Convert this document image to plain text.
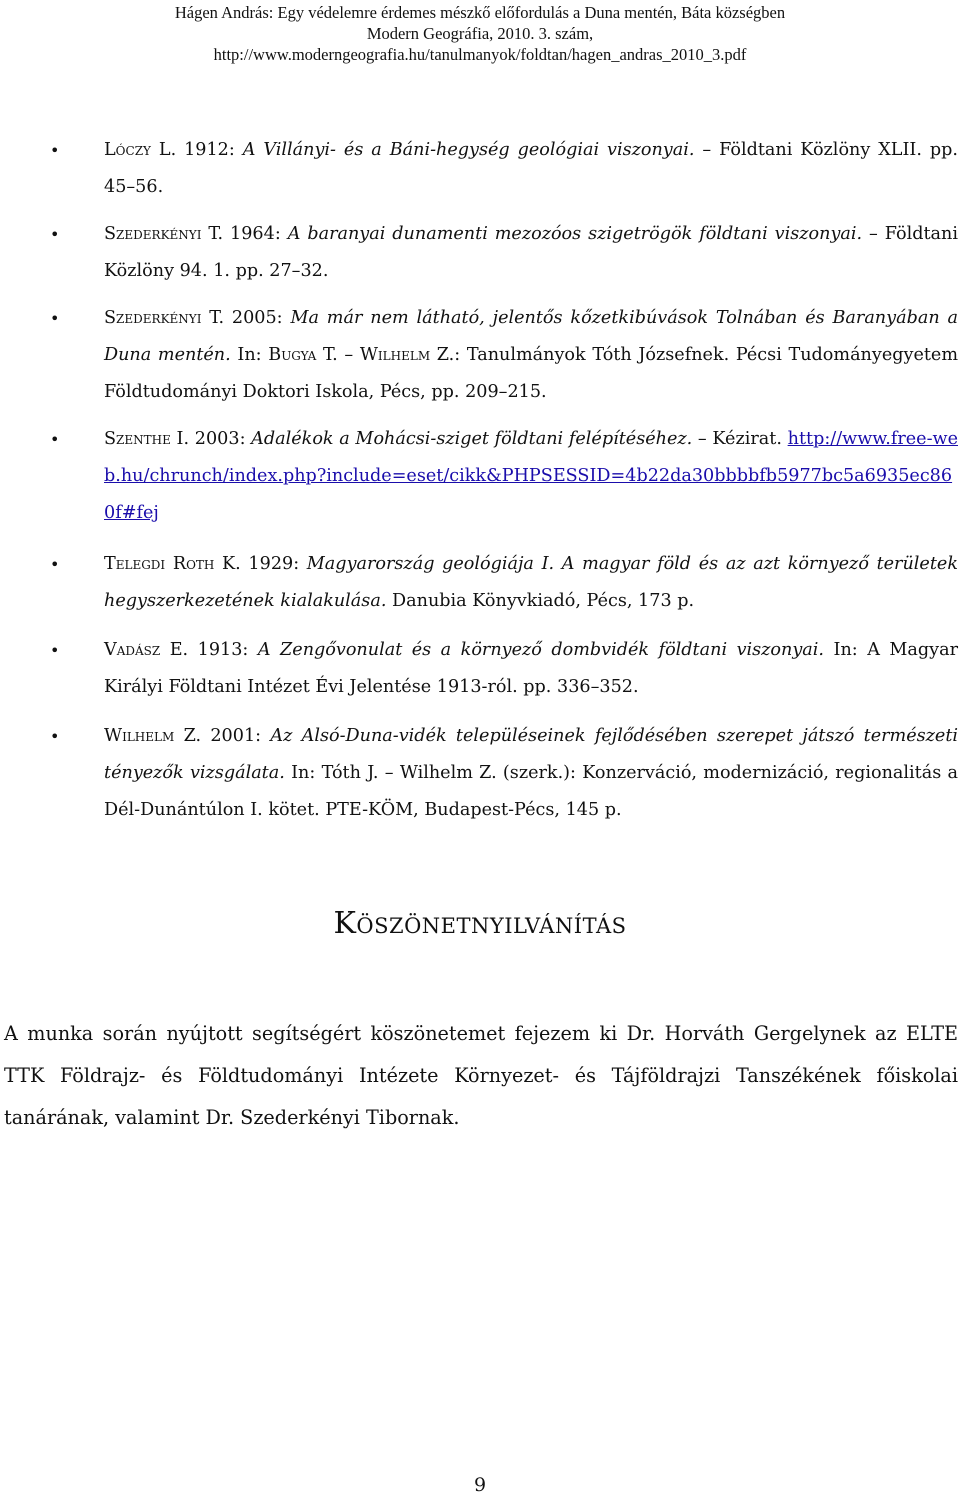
Hágen András: Egy védelemre érdemes mészkő előfordulás a Duna mentén, Báta községben
Modern Geográfia, 2010. 3. szám,
http://www.moderngeografia.hu/tanulmanyok/foldtan/hagen_andras_2010_3.pdf
•	Lóczy L. 1912: A Villányi- és a Báni-hegység geológiai viszonyai. – Földtani Közlöny XLII. pp. 45–56.
•	Szederkényi T. 1964: A baranyai dunamenti mezozóos szigetrögök földtani viszonyai. – Földtani Közlöny 94. 1. pp. 27–32.
•	Szederkényi T. 2005: Ma már nem látható, jelentős kőzetkibúvások Tolnában és Baranyában a Duna mentén. In: Bugya T. – Wilhelm Z.: Tanulmányok Tóth Józsefnek. Pécsi Tudományegyetem Földtudományi Doktori Iskola, Pécs, pp. 209–215.
•	Szenthe I. 2003: Adalékok a Mohácsi-sziget földtani felépítéséhez. – Kézirat. http://www.free-web.hu/chrunch/index.php?include=eset/cikk&PHPSESSID=4b22da30bbbbfb5977bc5a6935ec860f#fej
•	Telegdi Roth K. 1929: Magyarország geológiája I. A magyar föld és az azt környező területek hegyszerkezetének kialakulása. Danubia Könyvkiadó, Pécs, 173 p.
•	Vadász E. 1913: A Zengővonulat és a környező dombvidék földtani viszonyai. In: A Magyar Királyi Földtani Intézet Évi Jelentése 1913-ról. pp. 336–352.
•	Wilhelm Z. 2001: Az Alsó-Duna-vidék településeinek fejlődésében szerepet játszó természeti tényezők vizsgálata. In: Tóth J. – Wilhelm Z. (szerk.): Konzerváció, modernizáció, regionalitás a Dél-Dunántúlon I. kötet. PTE-KÖM, Budapest-Pécs, 145 p.
Köszönetnyilvánítás

A munka során nyújtott segítségért köszönetemet fejezem ki Dr. Horváth Gergelynek az ELTE TTK Földrajz- és Földtudományi Intézete Környezet- és Tájföldrajzi Tanszékének főiskolai tanárának, valamint Dr. Szederkényi Tibornak.

9
